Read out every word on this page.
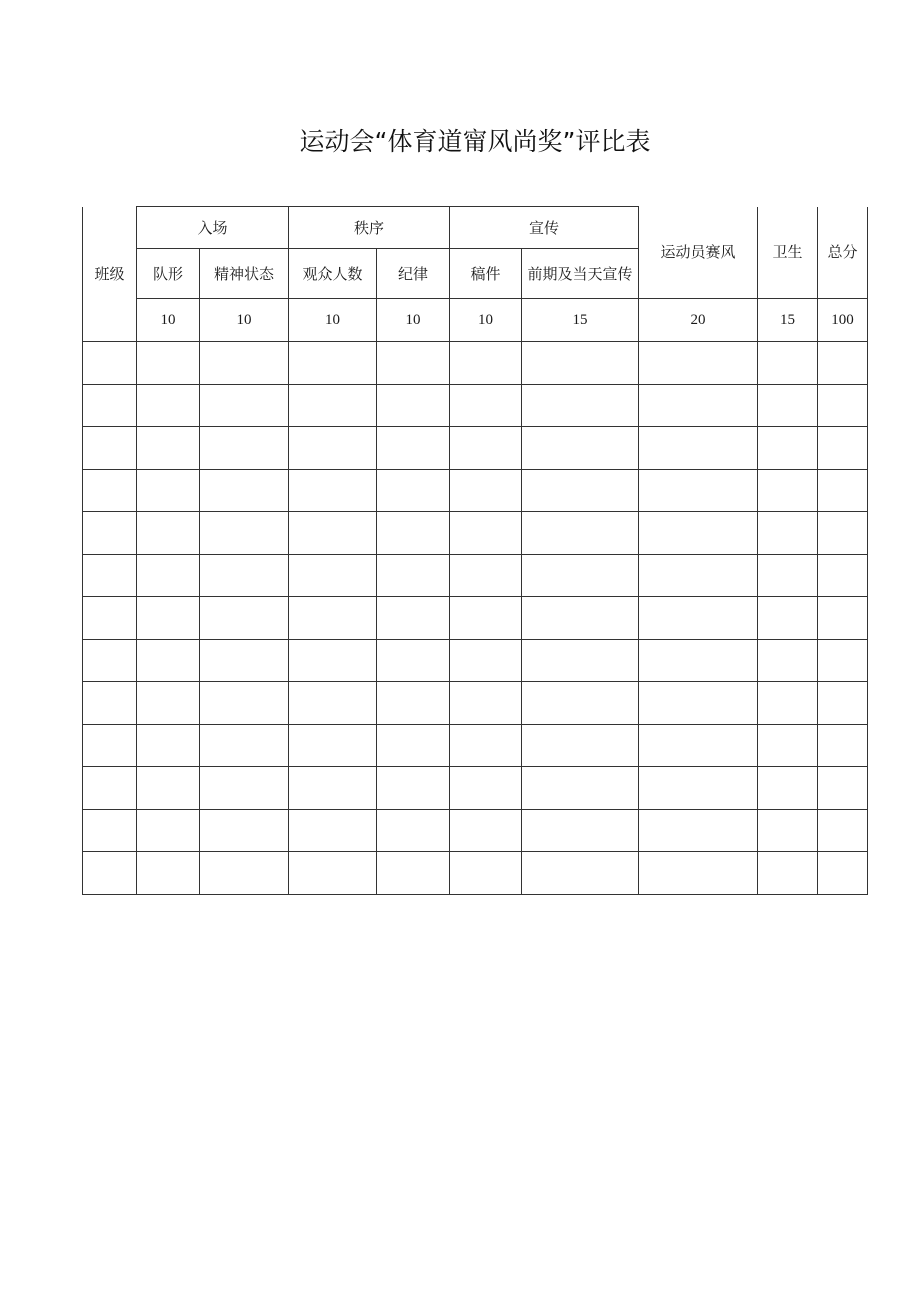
运动会“体育道甯风尚奖”评比表
班级	入场		秩序		宣传		运动员赛风	卫生	总分
	队形	精神状态	观众人数	纪律	稿件	前期及当天宣传			
	10	10	10	10	10	15	20	15	100
